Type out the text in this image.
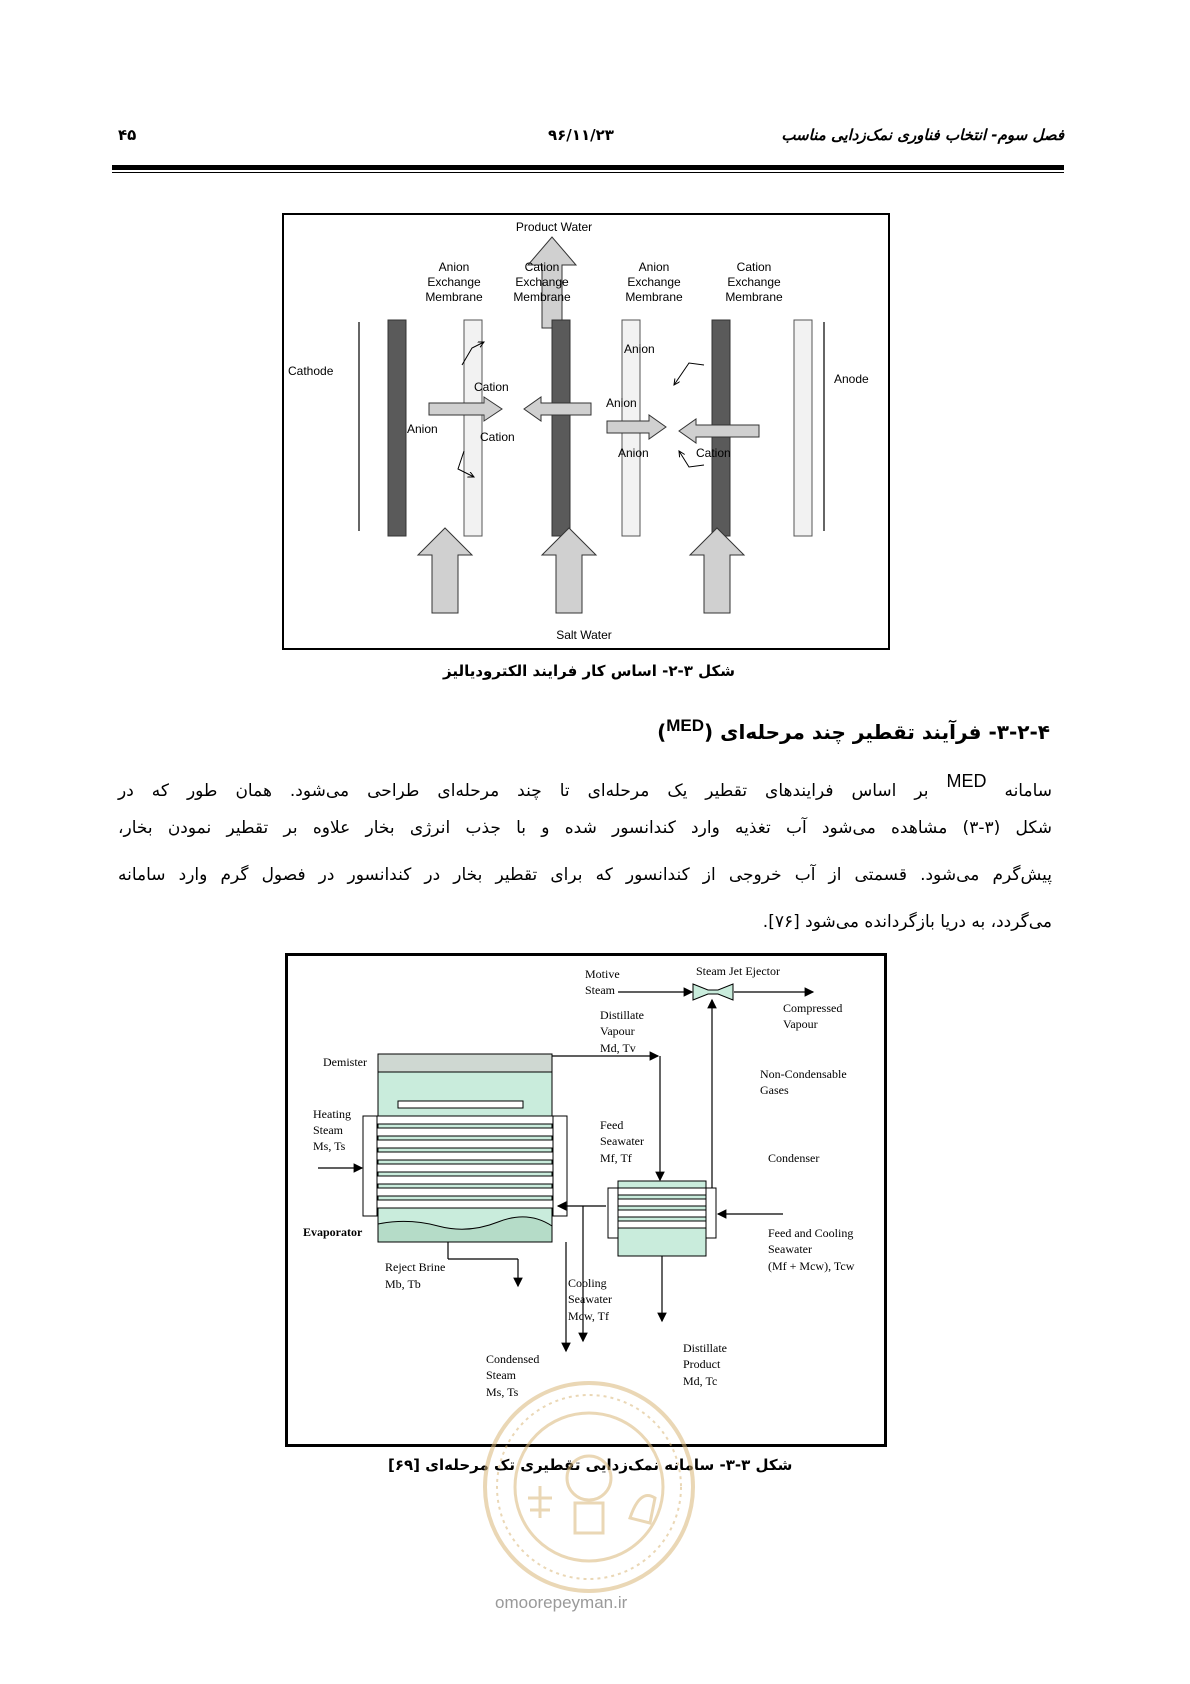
۴۵	۹۶/۱۱/۲۳	فصل سوم- انتخاب فناوری نمک‌زدایی مناسب
Product Water
Anion Exchange Membrane
Cation Exchange Membrane
Anion Exchange Membrane
Cation Exchange Membrane
Cathode
Anode
Cation
Anion
Cation
Anion
Anion
Anion	Cation
Salt Water
شکل ۳-۲- اساس کار فرایند الکترودیالیز
۳-۲-۴- فرآیند تقطیر چند مرحله‌ای ($^{MED}$)
سامانه MED بر اساس فرایندهای تقطیر یک مرحله‌ای تا چند مرحله‌ای طراحی می‌شود. همان طور که در
شکل (۳-۳) مشاهده می‌شود آب تغذیه وارد کندانسور شده و با جذب انرژی بخار علاوه بر تقطیر نمودن بخار،
پیش‌گرم می‌شود. قسمتی از آب خروجی از کندانسور که برای تقطیر بخار در کندانسور در فصول گرم وارد سامانه
می‌گردد، به دریا بازگردانده می‌شود [۷۶].
Motive Steam
Steam Jet Ejector
Compressed Vapour
Distillate Vapour Md, Tv
Non-Condensable Gases
Demister
Heating Steam Ms, Ts
Feed Seawater Mf, Tf	Condenser
Evaporator	Feed and Cooling Seawater (Mf + Mcw), Tcw
Reject Brine Mb, Tb	Cooling Seawater Mcw, Tf
Condensed Steam Ms, Ts
Distillate Product Md, Tc
شکل ۳-۳- سامانه نمک‌زدایی تقطیری تک مرحله‌ای [۶۹]
omoorepeyman.ir
